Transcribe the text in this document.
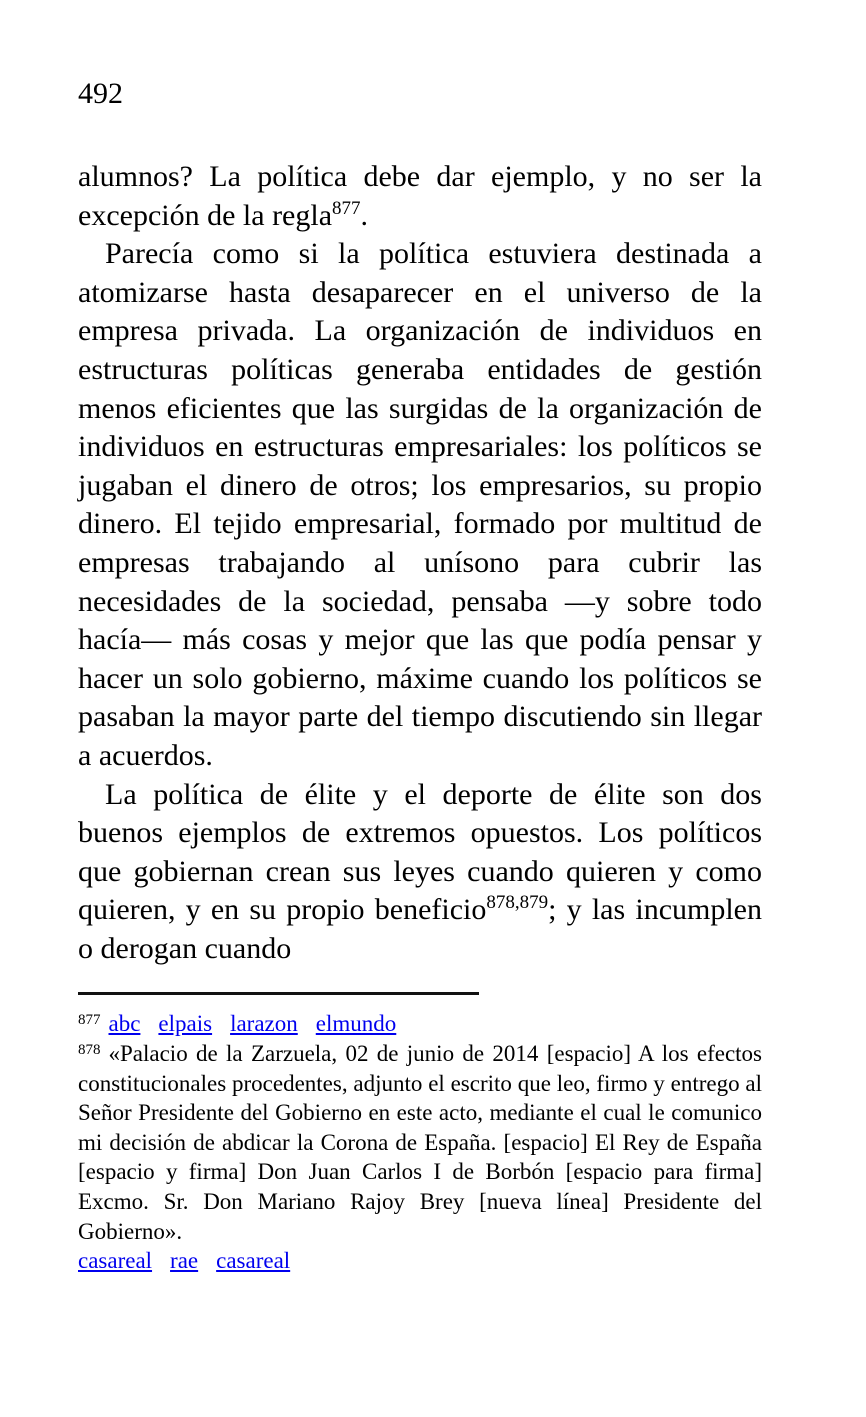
492

alumnos? La política debe dar ejemplo, y no ser la excepción de la regla$^{877}$.

Parecía como si la política estuviera destinada a atomizarse hasta desaparecer en el universo de la empresa privada. La organización de individuos en estructuras políticas generaba entidades de gestión menos eficientes que las surgidas de la organización de individuos en estructuras empresariales: los políticos se jugaban el dinero de otros; los empresarios, su propio dinero. El tejido empresarial, formado por multitud de empresas trabajando al unísono para cubrir las necesidades de la sociedad, pensaba —y sobre todo hacía— más cosas y mejor que las que podía pensar y hacer un solo gobierno, máxime cuando los políticos se pasaban la mayor parte del tiempo discutiendo sin llegar a acuerdos.

La política de élite y el deporte de élite son dos buenos ejemplos de extremos opuestos. Los políticos que gobiernan crean sus leyes cuando quieren y como quieren, y en su propio beneficio$^{878,879}$; y las incumplen o derogan cuando

$^{877}$ abc elpais larazon elmundo
$^{878}$ «Palacio de la Zarzuela, 02 de junio de 2014 [espacio] A los efectos constitucionales procedentes, adjunto el escrito que leo, firmo y entrego al Señor Presidente del Gobierno en este acto, mediante el cual le comunico mi decisión de abdicar la Corona de España. [espacio] El Rey de España [espacio y firma] Don Juan Carlos I de Borbón [espacio para firma] Excmo. Sr. Don Mariano Rajoy Brey [nueva línea] Presidente del Gobierno».
casareal rae casareal
